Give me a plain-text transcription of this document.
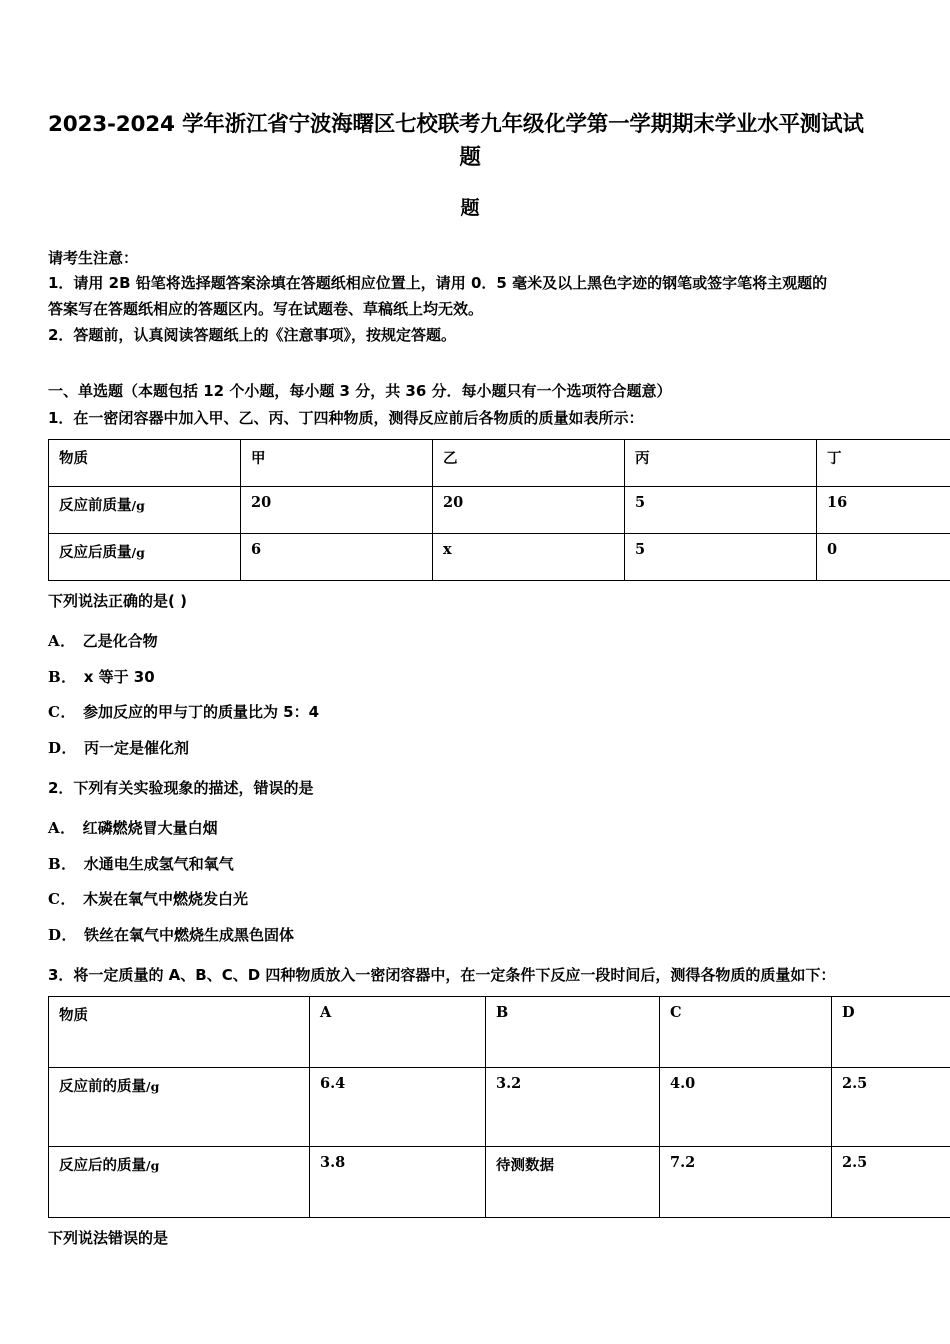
2023-2024 学年浙江省宁波海曙区七校联考九年级化学第一学期期末学业水平测试试
题
题
请考生注意：
1．请用 2B 铅笔将选择题答案涂填在答题纸相应位置上，请用 0．5 毫米及以上黑色字迹的钢笔或签字笔将主观题的
答案写在答题纸相应的答题区内。写在试题卷、草稿纸上均无效。
2．答题前，认真阅读答题纸上的《注意事项》，按规定答题。
一、单选题（本题包括 12 个小题，每小题 3 分，共 36 分．每小题只有一个选项符合题意）
1．在一密闭容器中加入甲、乙、丙、丁四种物质，测得反应前后各物质的质量如表所示：
物质	甲	乙	丙	丁
反应前质量/g	20	20	5	16
反应后质量/g	6	x	5	0
下列说法正确的是( )
A． 乙是化合物
B． x 等于 30
C． 参加反应的甲与丁的质量比为 5：4
D． 丙一定是催化剂
2．下列有关实验现象的描述，错误的是
A． 红磷燃烧冒大量白烟
B． 水通电生成氢气和氧气
C． 木炭在氧气中燃烧发白光
D． 铁丝在氧气中燃烧生成黑色固体
3．将一定质量的 A、B、C、D 四种物质放入一密闭容器中，在一定条件下反应一段时间后，测得各物质的质量如下：
物质	A	B	C	D
反应前的质量/g	6.4	3.2	4.0	2.5
反应后的质量/g	3.8	待测数据	7.2	2.5
下列说法错误的是
